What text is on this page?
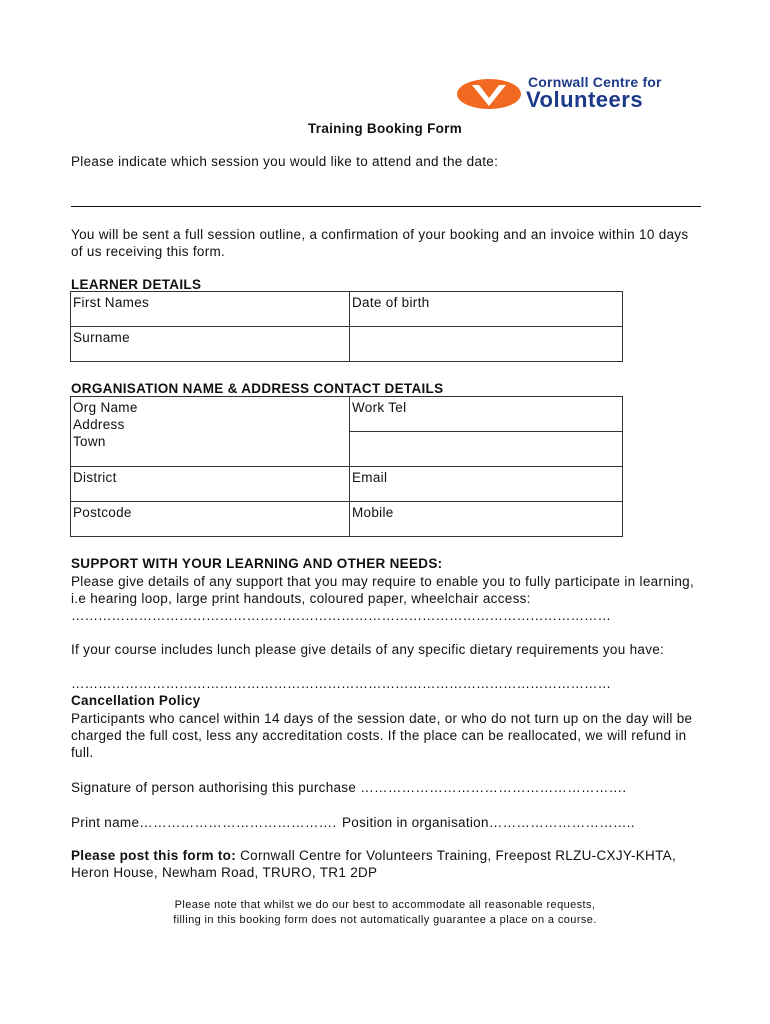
Cornwall Centre for
Volunteers
Training Booking Form
Please indicate which session you would like to attend and the date:
You will be sent a full session outline, a confirmation of your booking and an invoice within 10 days of us receiving this form.
LEARNER DETAILS
First Names	Date of birth
Surname	
ORGANISATION NAME & ADDRESS CONTACT DETAILS
Org Name
Address
Town	Work Tel

District	Email
Postcode	Mobile
SUPPORT WITH YOUR LEARNING AND OTHER NEEDS:
Please give details of any support that you may require to enable you to fully participate in learning, i.e hearing loop, large print handouts, coloured paper, wheelchair access:
…………………………………………………………………………………………………………
If your course includes lunch please give details of any specific dietary requirements you have:
…………………………………………………………………………………………………………
Cancellation Policy
Participants who cancel within 14 days of the session date, or who do not turn up on the day will be charged the full cost, less any accreditation costs. If the place can be reallocated, we will refund in full.
Signature of person authorising this purchase ………………………………………………….
Print name……………………………………. Position in organisation…………………………..
Please post this form to: Cornwall Centre for Volunteers Training, Freepost RLZU-CXJY-KHTA, Heron House, Newham Road, TRURO, TR1 2DP
Please note that whilst we do our best to accommodate all reasonable requests,
filling in this booking form does not automatically guarantee a place on a course.
